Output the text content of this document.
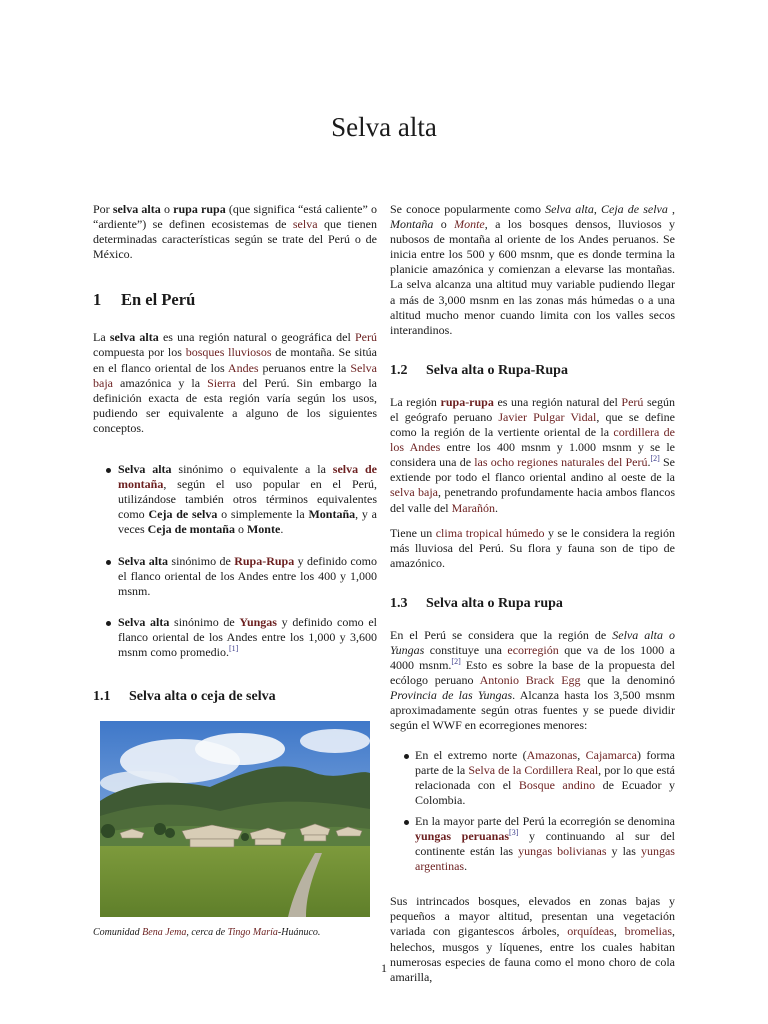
Selva alta

Por selva alta o rupa rupa (que significa “está caliente” o “ardiente”) se definen ecosistemas de selva que tienen determinadas características según se trate del Perú o de México.

1 En el Perú

La selva alta es una región natural o geográfica del Perú compuesta por los bosques lluviosos de montaña. Se sitúa en el flanco oriental de los Andes peruanos entre la Selva baja amazónica y la Sierra del Perú. Sin embargo la definición exacta de esta región varía según los usos, pudiendo ser equivalente a alguno de los siguientes conceptos.

Selva alta sinónimo o equivalente a la selva de montaña, según el uso popular en el Perú, utilizándose también otros términos equivalentes como Ceja de selva o simplemente la Montaña, y a veces Ceja de montaña o Monte.
Selva alta sinónimo de Rupa-Rupa y definido como el flanco oriental de los Andes entre los 400 y 1,000 msnm.
Selva alta sinónimo de Yungas y definido como el flanco oriental de los Andes entre los 1,000 y 3,600 msnm como promedio.[1]
1.1 Selva alta o ceja de selva
Comunidad Bena Jema, cerca de Tingo María-Huánuco.

Se conoce popularmente como Selva alta, Ceja de selva , Montaña o Monte, a los bosques densos, lluviosos y nubosos de montaña al oriente de los Andes peruanos. Se inicia entre los 500 y 600 msnm, que es donde termina la planicie amazónica y comienzan a elevarse las montañas. La selva alcanza una altitud muy variable pudiendo llegar a más de 3,000 msnm en las zonas más húmedas o a una altitud mucho menor cuando limita con los valles secos interandinos.

1.2 Selva alta o Rupa-Rupa

La región rupa-rupa es una región natural del Perú según el geógrafo peruano Javier Pulgar Vidal, que se define como la región de la vertiente oriental de la cordillera de los Andes entre los 400 msnm y 1.000 msnm y se le considera una de las ocho regiones naturales del Perú.[2] Se extiende por todo el flanco oriental andino al oeste de la selva baja, penetrando profundamente hacia ambos flancos del valle del Marañón.

Tiene un clima tropical húmedo y se le considera la región más lluviosa del Perú. Su flora y fauna son de tipo de amazónico.

1.3 Selva alta o Rupa rupa

En el Perú se considera que la región de Selva alta o Yungas constituye una ecorregión que va de los 1000 a 4000 msnm.[2] Esto es sobre la base de la propuesta del ecólogo peruano Antonio Brack Egg que la denominó Provincia de las Yungas. Alcanza hasta los 3,500 msnm aproximadamente según otras fuentes y se puede dividir según el WWF en ecorregiones menores:

En el extremo norte (Amazonas, Cajamarca) forma parte de la Selva de la Cordillera Real, por lo que está relacionada con el Bosque andino de Ecuador y Colombia.
En la mayor parte del Perú la ecorregión se denomina yungas peruanas[3] y continuando al sur del continente están las yungas bolivianas y las yungas argentinas.

Sus intrincados bosques, elevados en zonas bajas y pequeños a mayor altitud, presentan una vegetación variada con gigantescos árboles, orquídeas, bromelias, helechos, musgos y líquenes, entre los cuales habitan numerosas especies de fauna como el mono choro de cola amarilla,

1
